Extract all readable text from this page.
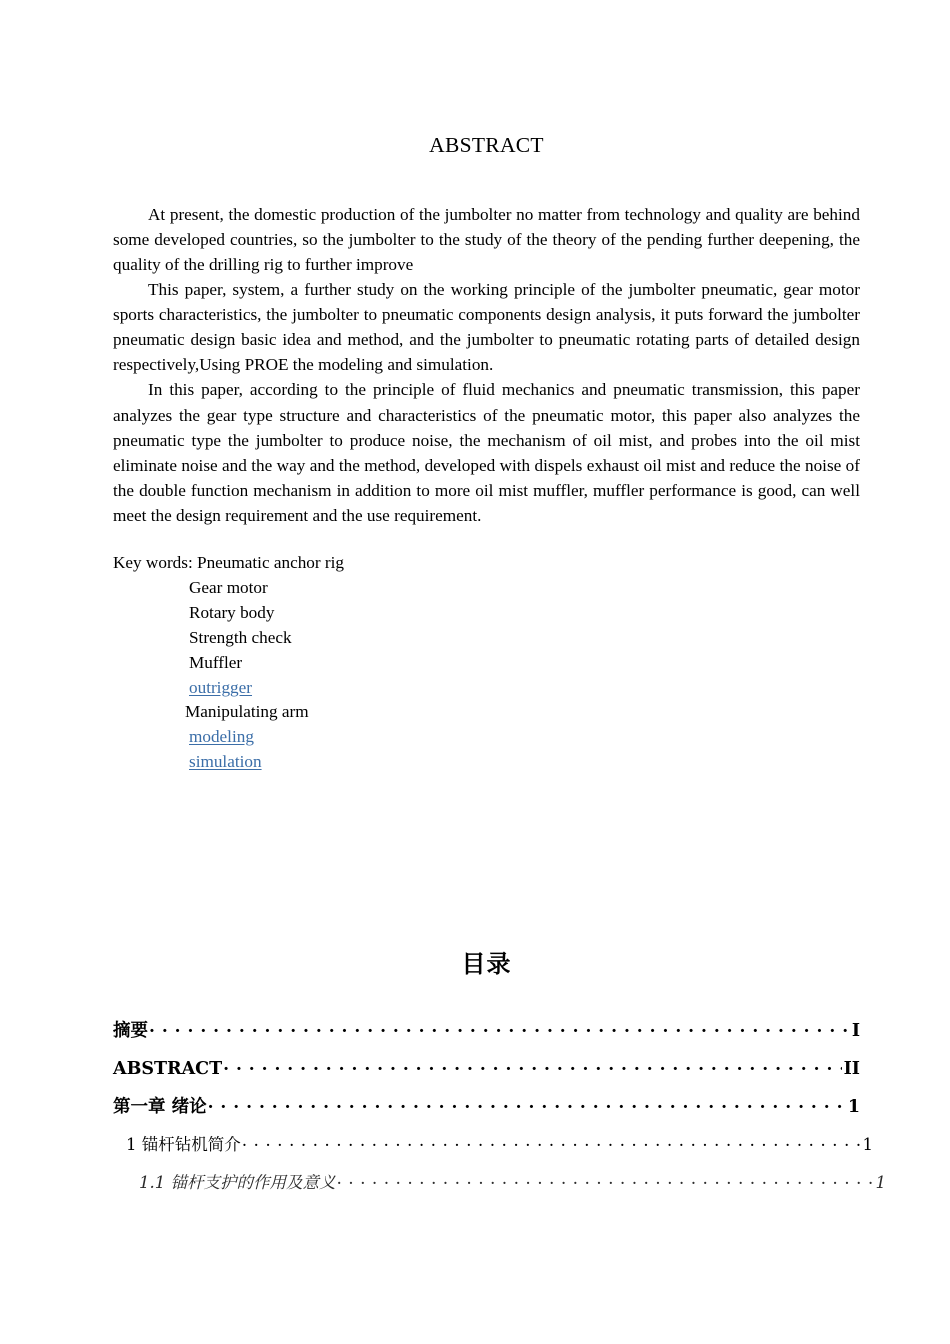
ABSTRACT

At present, the domestic production of the jumbolter no matter from technology and quality are behind some developed countries, so the jumbolter to the study of the theory of the pending further deepening, the quality of the drilling rig to further improve

This paper, system, a further study on the working principle of the jumbolter pneumatic, gear motor sports characteristics, the jumbolter to pneumatic components design analysis, it puts forward the jumbolter pneumatic design basic idea and method, and the jumbolter to pneumatic rotating parts of detailed design respectively,Using PROE the modeling and simulation.

In this paper, according to the principle of fluid mechanics and pneumatic transmission, this paper analyzes the gear type structure and characteristics of the pneumatic motor, this paper also analyzes the pneumatic type the jumbolter to produce noise, the mechanism of oil mist, and probes into the oil mist eliminate noise and the way and the method, developed with dispels exhaust oil mist and reduce the noise of the double function mechanism in addition to more oil mist muffler, muffler performance is good, can well meet the design requirement and the use requirement.

Key words: Pneumatic anchor rig
Gear motor
Rotary body
Strength check
Muffler
outrigger
Manipulating arm
modeling
simulation
目录
摘要 . . .	I
ABSTRACT . . .	II
第一章 绪论 . . .	1
1 锚杆钻机简介 . . .	1
1.1 锚杆支护的作用及意义 . . .	1
